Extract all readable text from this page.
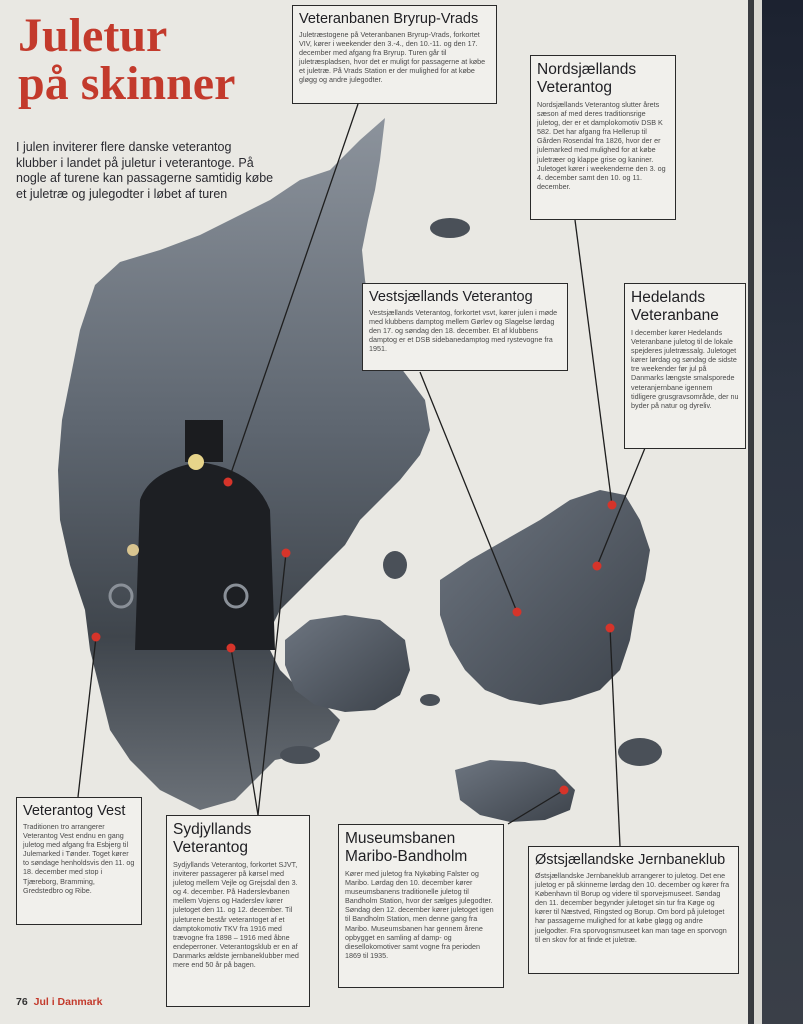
Juletur
på skinner
I julen inviterer flere danske veterantog klubber i landet på juletur i veterantoge. På nogle af turene kan passagerne samtidig købe et juletræ og julegodter i løbet af turen
Veteranbanen Bryrup-Vrads

Juletræstogene på Veteranbanen Bryrup-Vrads, forkortet VIV, kører i weekender den 3.-4., den 10.-11. og den 17. december med afgang fra Bryrup. Turen går til juletræspladsen, hvor det er muligt for passagerne at købe et juletræ. På Vrads Station er der mulighed for at købe gløgg og andre julegodter.

Nordsjællands Veterantog

Nordsjællands Veterantog slutter årets sæson af med deres traditionsrige juletog, der er et damplokomotiv DSB K 582. Det har afgang fra Hellerup til Gården Rosendal fra 1826, hvor der er julemarked med mulighed for at købe juletræer og klappe grise og kaniner. Juletoget kører i weekenderne den 3. og 4. december samt den 10. og 11. december.

Vestsjællands Veterantog

Vestsjællands Veterantog, forkortet vsvt, kører julen i møde med klubbens damptog mellem Gørlev og Slagelse lørdag den 17. og søndag den 18. december. Et af klubbens damptog er et DSB sidebanedamptog med rystevogne fra 1951.

Hedelands Veteranbane

I december kører Hedelands Veteranbane juletog til de lokale spejderes juletræssalg. Juletoget kører lørdag og søndag de sidste tre weekender før jul på Danmarks længste smalsporede veteranjernbane igennem tidligere grusgravsområde, der nu byder på natur og dyreliv.

Veterantog Vest

Traditionen tro arrangerer Veterantog Vest endnu en gang juletog med afgang fra Esbjerg til Julemarked i Tønder. Toget kører to søndage henholdsvis den 11. og 18. december med stop i Tjæreborg, Bramming, Gredstedbro og Ribe.

Sydjyllands Veterantog

Sydjyllands Veterantog, forkortet SJVT, inviterer passagerer på kørsel med juletog mellem Vejle og Grejsdal den 3. og 4. december. På Haderslevbanen mellem Vojens og Haderslev kører juletoget den 11. og 12. december. Til juleturene består veterantoget af et damptokomotiv TKV fra 1916 med trævogne fra 1898 – 1916 med åbne endeperroner. Veterantogsklub er en af Danmarks ældste jernbaneklubber med mere end 50 år på bagen.

Museumsbanen Maribo-Bandholm

Kører med juletog fra Nykøbing Falster og Maribo. Lørdag den 10. december kører museumsbanens traditionelle juletog til Bandholm Station, hvor der sælges julegodter. Søndag den 12. december kører juletoget igen til Bandholm Station, men denne gang fra Maribo. Museumsbanen har gennem årene opbygget en samling af damp- og diesellokomotiver samt vogne fra perioden 1869 til 1935.

Østsjællandske Jernbaneklub

Østsjællandske Jernbaneklub arrangerer to juletog. Det ene juletog er på skinnerne lørdag den 10. december og kører fra København til Borup og videre til sporvejsmuseet. Søndag den 11. december begynder juletoget sin tur fra Køge og kører til Næstved, Ringsted og Borup. Om bord på juletoget har passagerne mulighed for at købe gløgg og andre juelgodter. Fra sporvognsmuseet kan man tage en sporvogn til en skov for at finde et juletræ.

76 Jul i Danmark
